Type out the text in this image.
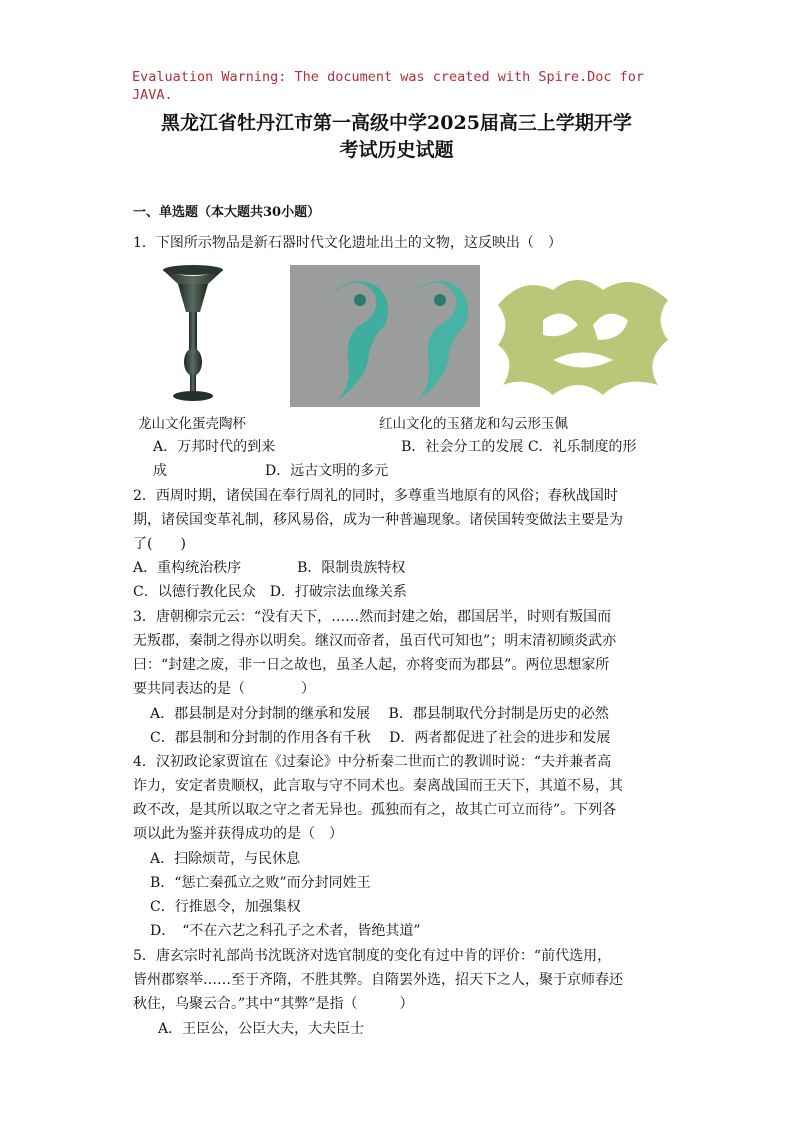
Evaluation Warning: The document was created with Spire.Doc for JAVA.
黑龙江省牡丹江市第一高级中学2025届高三上学期开学
考试历史试题
一、单选题（本大题共30小题）
1．下图所示物品是新石器时代文化遗址出土的文物，这反映出（　）
龙山文化蛋壳陶杯	红山文化的玉猪龙和勾云形玉佩
A．万邦时代的到来　　　　　　　　　B．社会分工的发展 C．礼乐制度的形
成　　　　　　　D．远古文明的多元
2．西周时期，诸侯国在奉行周礼的同时，多尊重当地原有的风俗；春秋战国时
期，诸侯国变革礼制，移风易俗，成为一种普遍现象。诸侯国转变做法主要是为
了(　　)
A．重构统治秩序　　　　B．限制贵族特权
C．以德行教化民众　D．打破宗法血缘关系
3．唐朝柳宗元云：“没有天下，……然而封建之始，郡国居半，时则有叛国而
无叛郡，秦制之得亦以明矣。继汉而帝者，虽百代可知也”；明末清初顾炎武亦
曰：“封建之废，非一日之故也，虽圣人起，亦将变而为郡县”。两位思想家所
要共同表达的是（　　　　）
A．郡县制是对分封制的继承和发展　 B．郡县制取代分封制是历史的必然
C．郡县制和分封制的作用各有千秋　 D．两者都促进了社会的进步和发展
4．汉初政论家贾谊在《过秦论》中分析秦二世而亡的教训时说：“夫并兼者高
诈力，安定者贵顺权，此言取与守不同术也。秦离战国而王天下，其道不易，其
政不改，是其所以取之守之者无异也。孤独而有之，故其亡可立而待”。下列各
项以此为鉴并获得成功的是（　）
A．扫除烦苛，与民休息
B．“惩亡秦孤立之败”而分封同姓王
C．行推恩令，加强集权
D．　“不在六艺之科孔子之术者，皆绝其道”
5．唐玄宗时礼部尚书沈既济对选官制度的变化有过中肯的评价：“前代选用，
皆州郡察举……至于齐隋，不胜其弊。自隋罢外选，招天下之人，聚于京师春还
秋住，乌聚云合。”其中“其弊”是指（　　　）
A．王臣公，公臣大夫，大夫臣士
